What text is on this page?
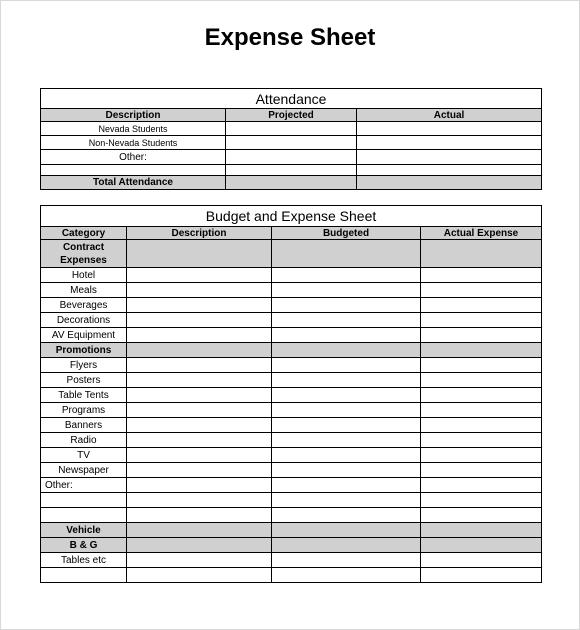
Expense Sheet
Attendance		
Description	Projected	Actual
Nevada Students		
Non-Nevada Students		
Other:		

Total Attendance		
Budget and Expense Sheet			
Category	Description	Budgeted	Actual Expense
Contract Expenses			
Hotel			
Meals			
Beverages			
Decorations			
AV Equipment			
Promotions			
Flyers			
Posters			
Table Tents			
Programs			
Banners			
Radio			
TV			
Newspaper			
Other:			

Vehicle			
B & G			
Tables etc			
